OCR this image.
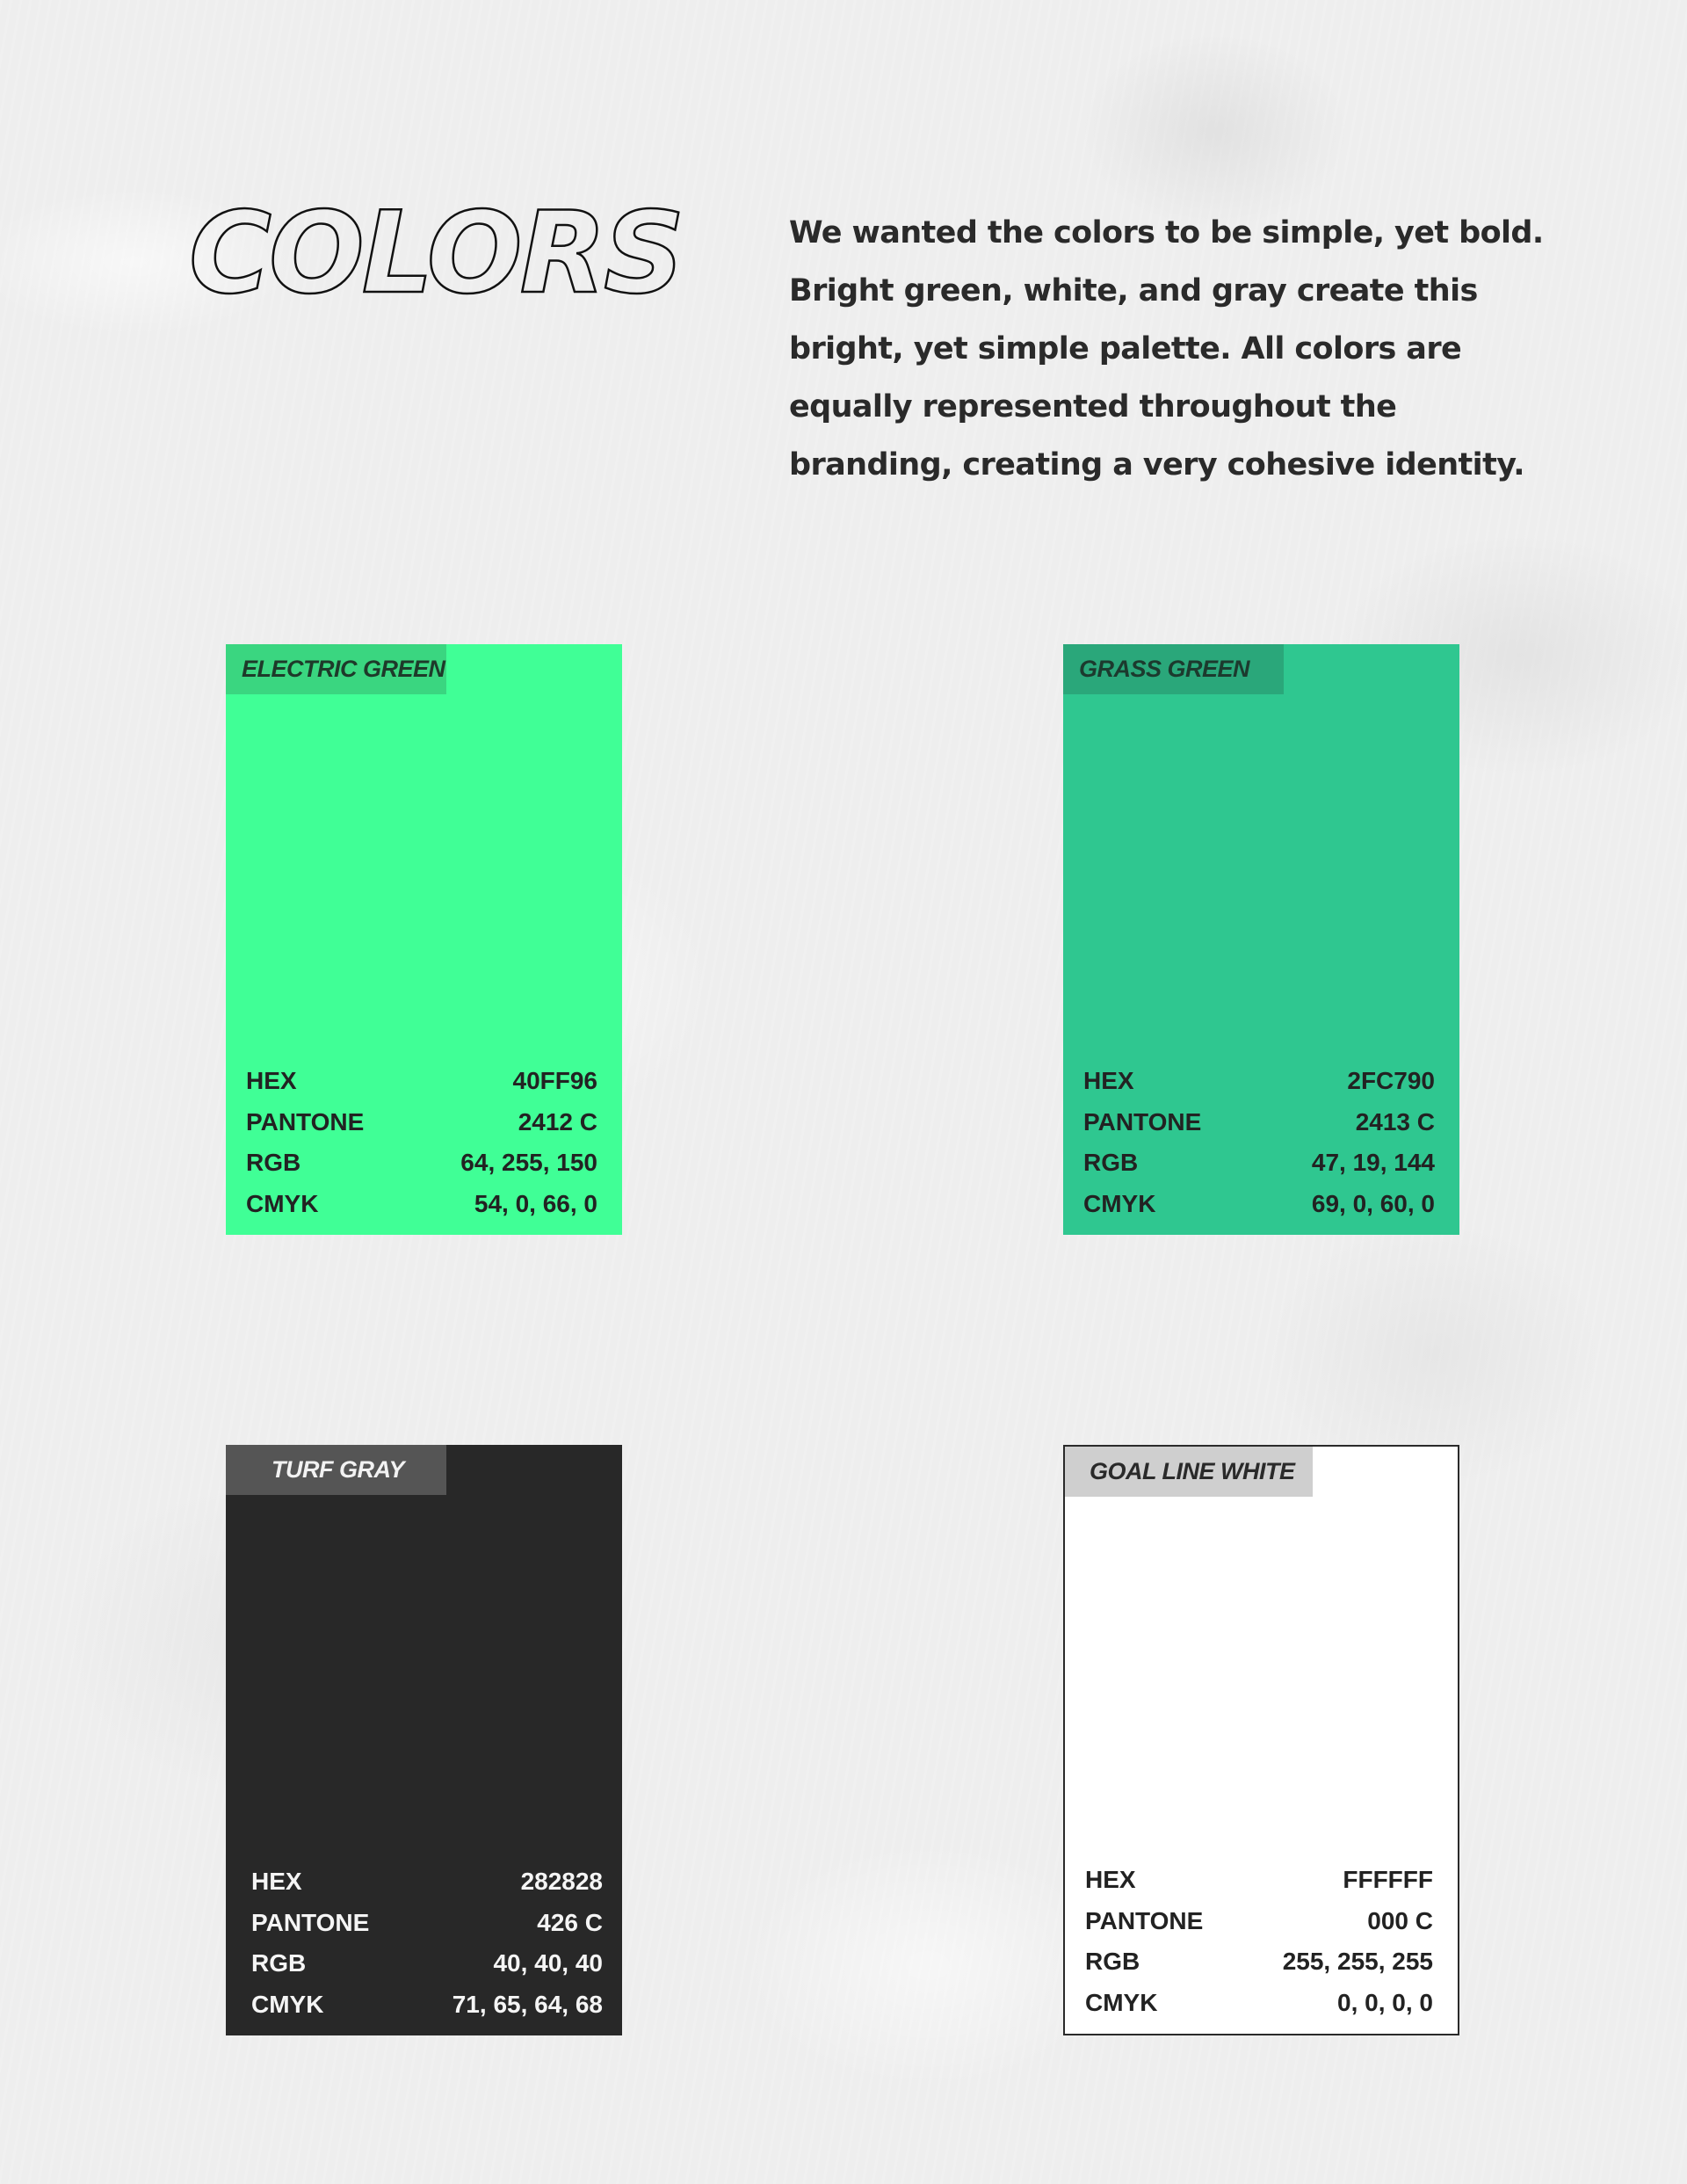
COLORS	We wanted the colors to be simple, yet bold. Bright green, white, and gray create this bright, yet simple palette. All colors are equally represented throughout the branding, creating a very cohesive identity.

ELECTRIC GREEN
HEX	40FF96
PANTONE	2412 C
RGB	64, 255, 150
CMYK	54, 0, 66, 0
GRASS GREEN
HEX	2FC790
PANTONE	2413 C
RGB	47, 19, 144
CMYK	69, 0, 60, 0
TURF GRAY
HEX	282828
PANTONE	426 C
RGB	40, 40, 40
CMYK	71, 65, 64, 68
GOAL LINE WHITE
HEX	FFFFFF
PANTONE	000 C
RGB	255, 255, 255
CMYK	0, 0, 0, 0
